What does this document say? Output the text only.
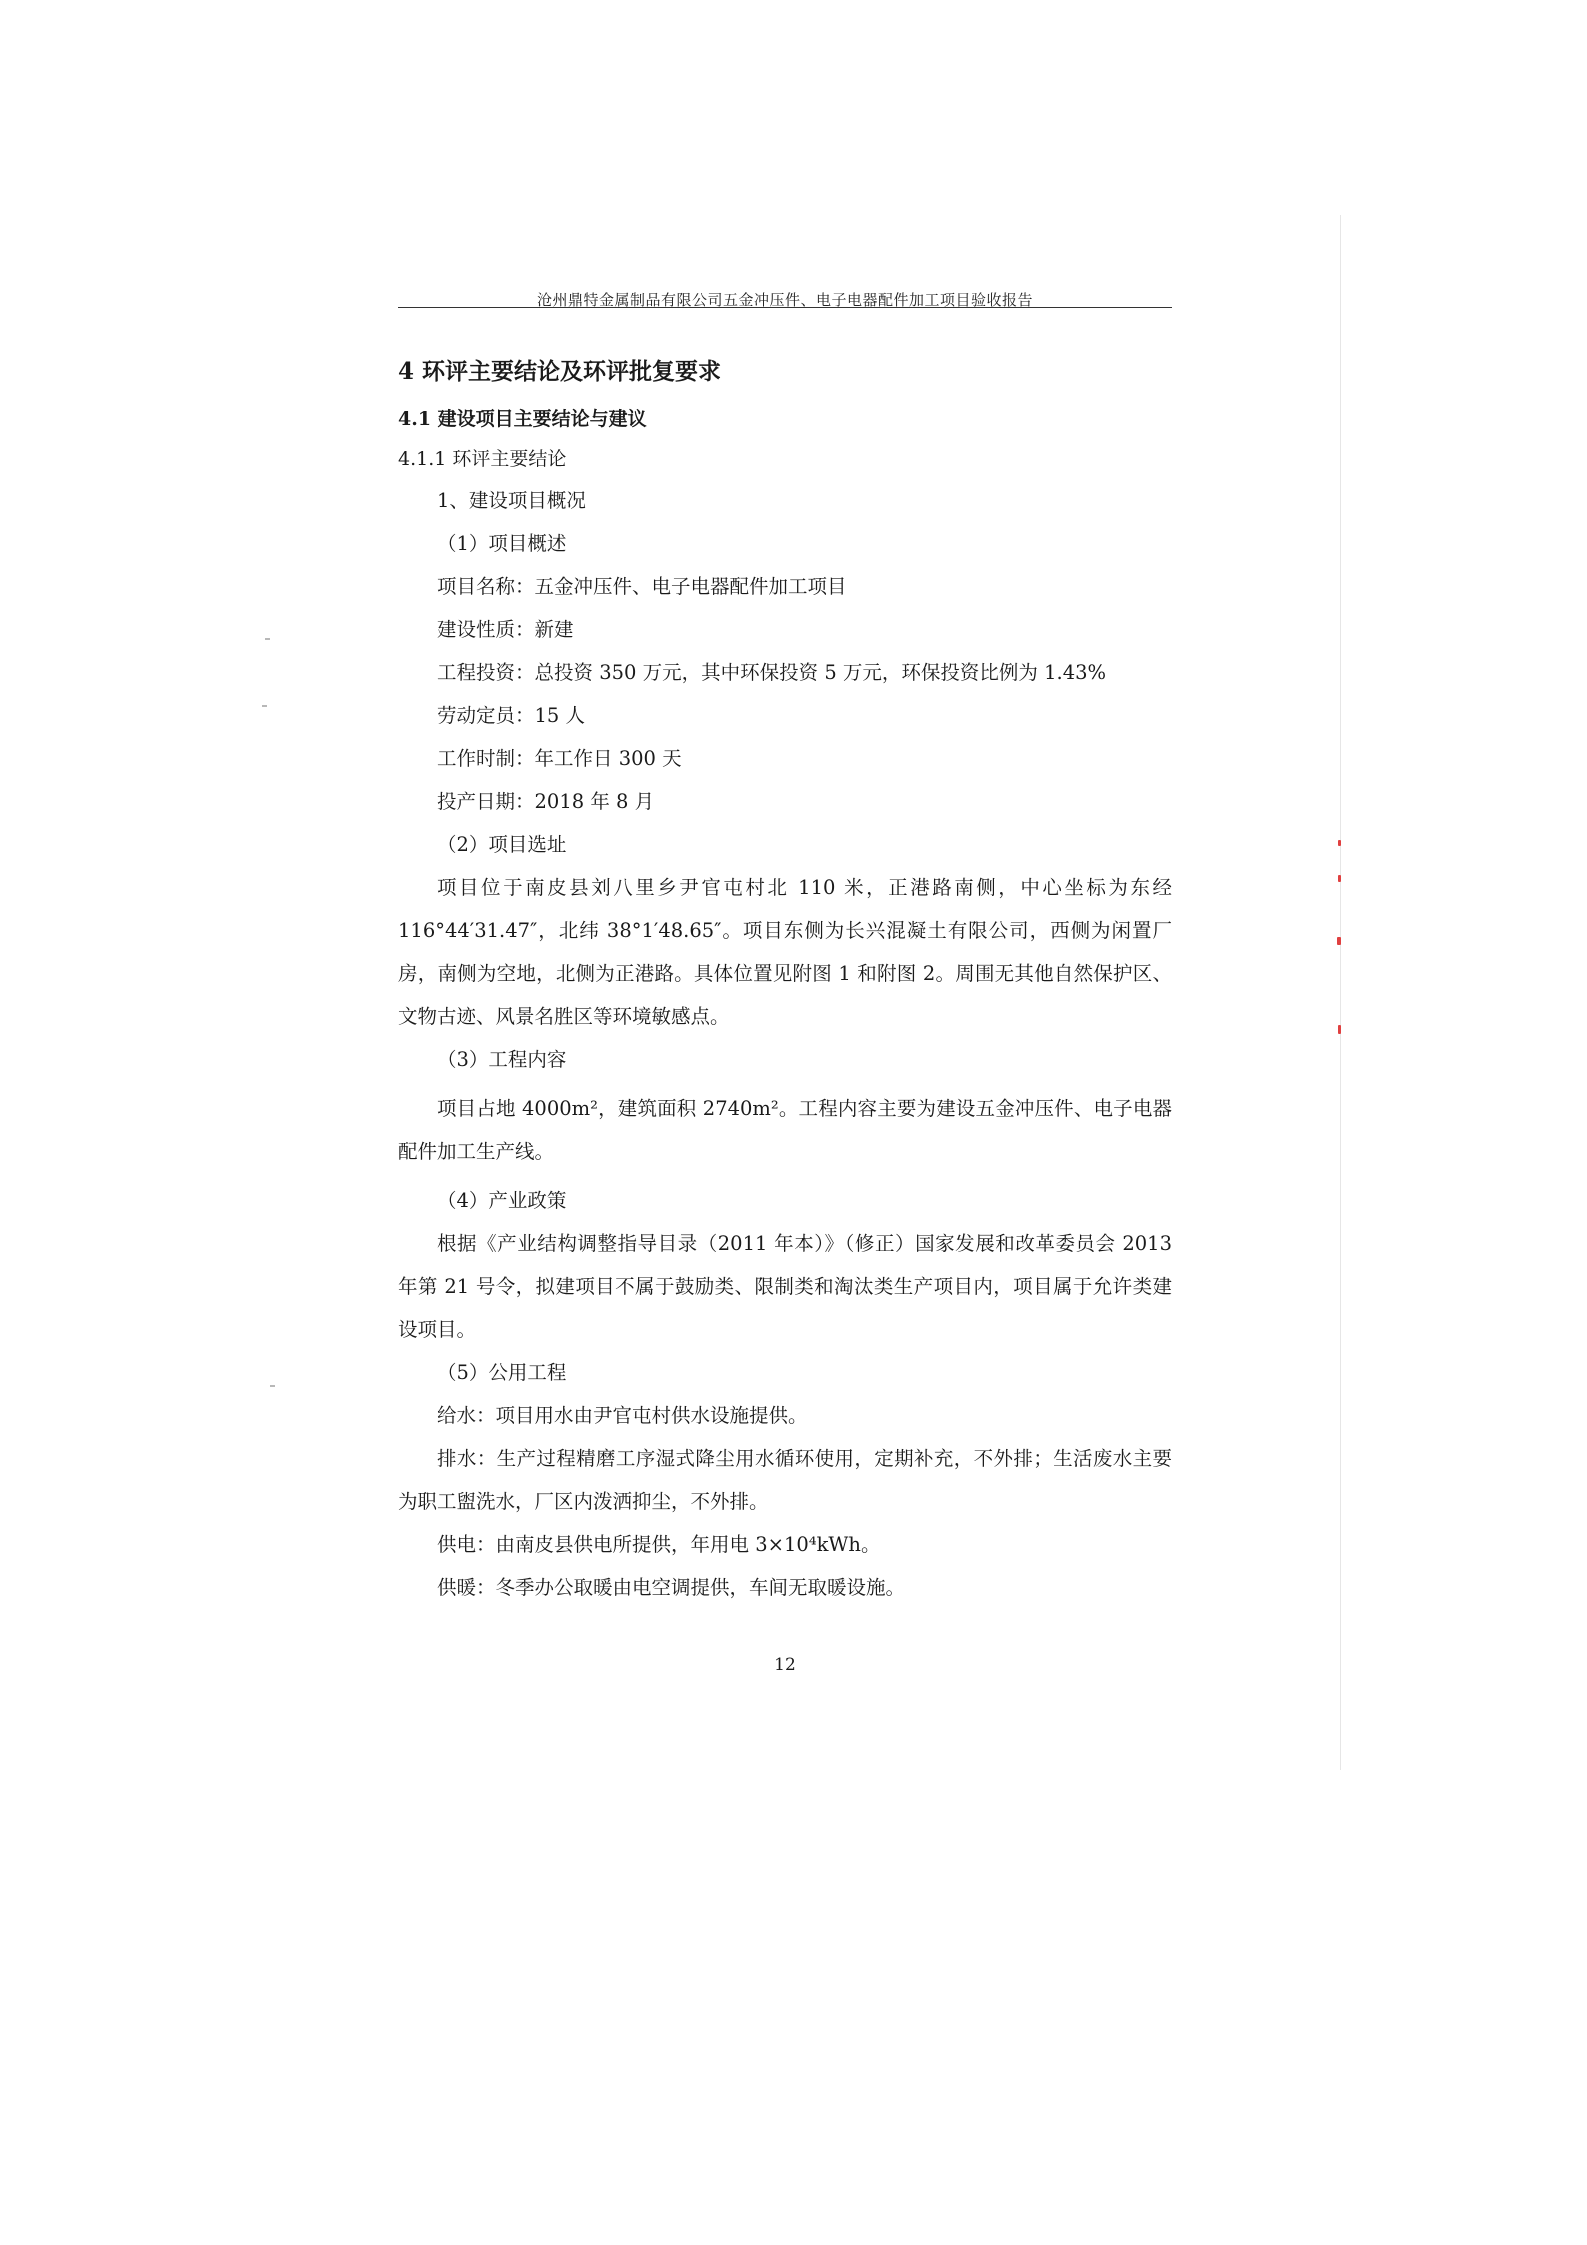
沧州鼎特金属制品有限公司五金冲压件、电子电器配件加工项目验收报告
4 环评主要结论及环评批复要求
4.1 建设项目主要结论与建议
4.1.1 环评主要结论
1、建设项目概况
（1）项目概述
项目名称：五金冲压件、电子电器配件加工项目
建设性质：新建
工程投资：总投资 350 万元，其中环保投资 5 万元，环保投资比例为 1.43%
劳动定员：15 人
工作时制：年工作日 300 天
投产日期：2018 年 8 月
（2）项目选址
项目位于南皮县刘八里乡尹官屯村北 110 米，正港路南侧，中心坐标为东经 116°44′31.47″，北纬 38°1′48.65″。项目东侧为长兴混凝土有限公司，西侧为闲置厂房，南侧为空地，北侧为正港路。具体位置见附图 1 和附图 2。周围无其他自然保护区、文物古迹、风景名胜区等环境敏感点。
（3）工程内容
项目占地 4000m²，建筑面积 2740m²。工程内容主要为建设五金冲压件、电子电器配件加工生产线。
（4）产业政策
根据《产业结构调整指导目录（2011 年本）》（修正）国家发展和改革委员会 2013 年第 21 号令，拟建项目不属于鼓励类、限制类和淘汰类生产项目内，项目属于允许类建设项目。
（5）公用工程
给水：项目用水由尹官屯村供水设施提供。
排水：生产过程精磨工序湿式降尘用水循环使用，定期补充，不外排；生活废水主要为职工盥洗水，厂区内泼洒抑尘，不外排。
供电：由南皮县供电所提供，年用电 3×10⁴kWh。
供暖：冬季办公取暖由电空调提供，车间无取暖设施。
12
